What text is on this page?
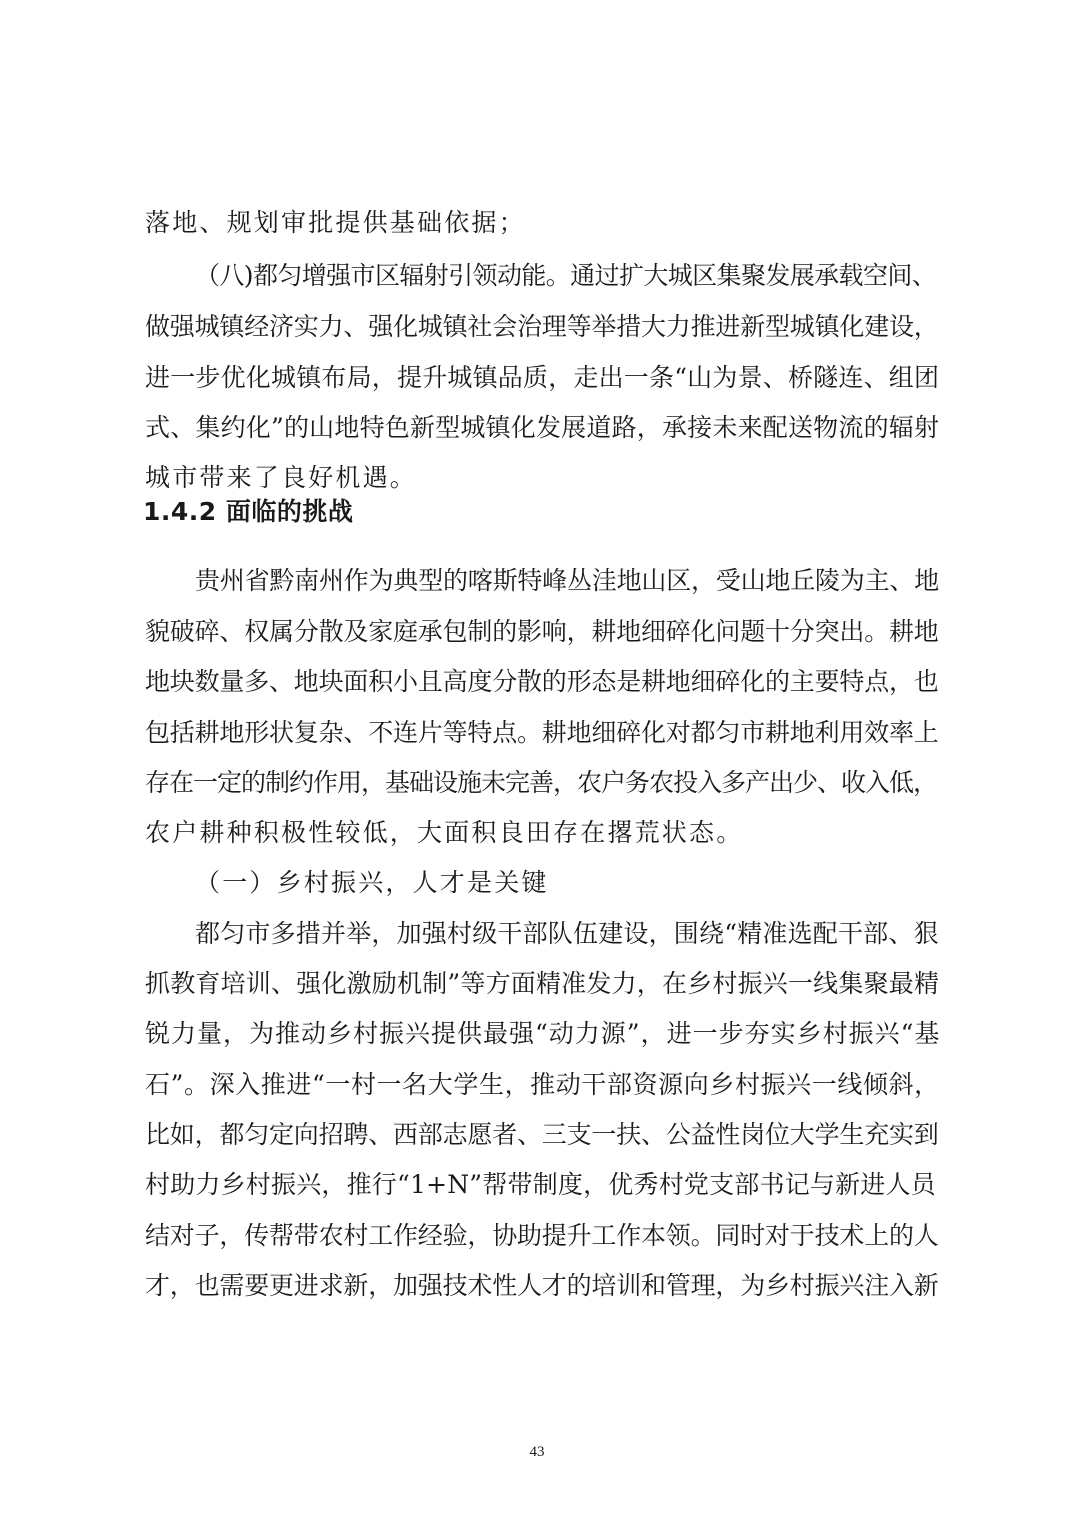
落地、规划审批提供基础依据；
（八)都匀增强市区辐射引领动能。通过扩大城区集聚发展承载空间、
做强城镇经济实力、强化城镇社会治理等举措大力推进新型城镇化建设，
进一步优化城镇布局，提升城镇品质，走出一条“山为景、桥隧连、组团
式、集约化”的山地特色新型城镇化发展道路，承接未来配送物流的辐射
城市带来了良好机遇。
1.4.2 面临的挑战
贵州省黔南州作为典型的喀斯特峰丛洼地山区，受山地丘陵为主、地
貌破碎、权属分散及家庭承包制的影响，耕地细碎化问题十分突出。耕地
地块数量多、地块面积小且高度分散的形态是耕地细碎化的主要特点，也
包括耕地形状复杂、不连片等特点。耕地细碎化对都匀市耕地利用效率上
存在一定的制约作用，基础设施未完善，农户务农投入多产出少、收入低，
农户耕种积极性较低，大面积良田存在撂荒状态。
（一）乡村振兴，人才是关键
都匀市多措并举，加强村级干部队伍建设，围绕“精准选配干部、狠
抓教育培训、强化激励机制”等方面精准发力，在乡村振兴一线集聚最精
锐力量，为推动乡村振兴提供最强“动力源”，进一步夯实乡村振兴“基
石”。深入推进“一村一名大学生，推动干部资源向乡村振兴一线倾斜，
比如，都匀定向招聘、西部志愿者、三支一扶、公益性岗位大学生充实到
村助力乡村振兴，推行“1+N”帮带制度，优秀村党支部书记与新进人员
结对子，传帮带农村工作经验，协助提升工作本领。同时对于技术上的人
才，也需要更进求新，加强技术性人才的培训和管理，为乡村振兴注入新
43
